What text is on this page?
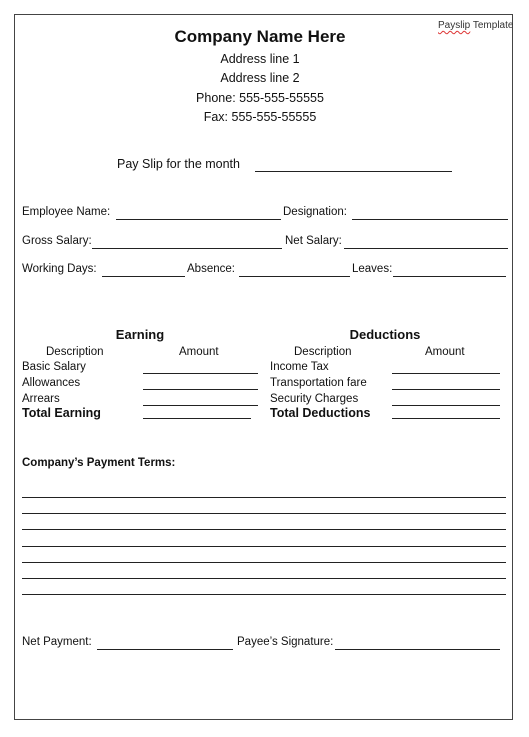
Payslip Template
Company Name Here
Address line 1
Address line 2
Phone: 555-555-55555
Fax: 555-555-55555
Pay Slip for the month
Employee Name:	Designation:
Gross Salary:	Net Salary:
Working Days:	Absence:	Leaves:
Earning
Description	Amount
Basic Salary
Allowances
Arrears
Total Earning
Deductions
Description	Amount
Income Tax
Transportation fare
Security Charges
Total Deductions
Company’s Payment Terms:
Net Payment:	Payee’s Signature:
